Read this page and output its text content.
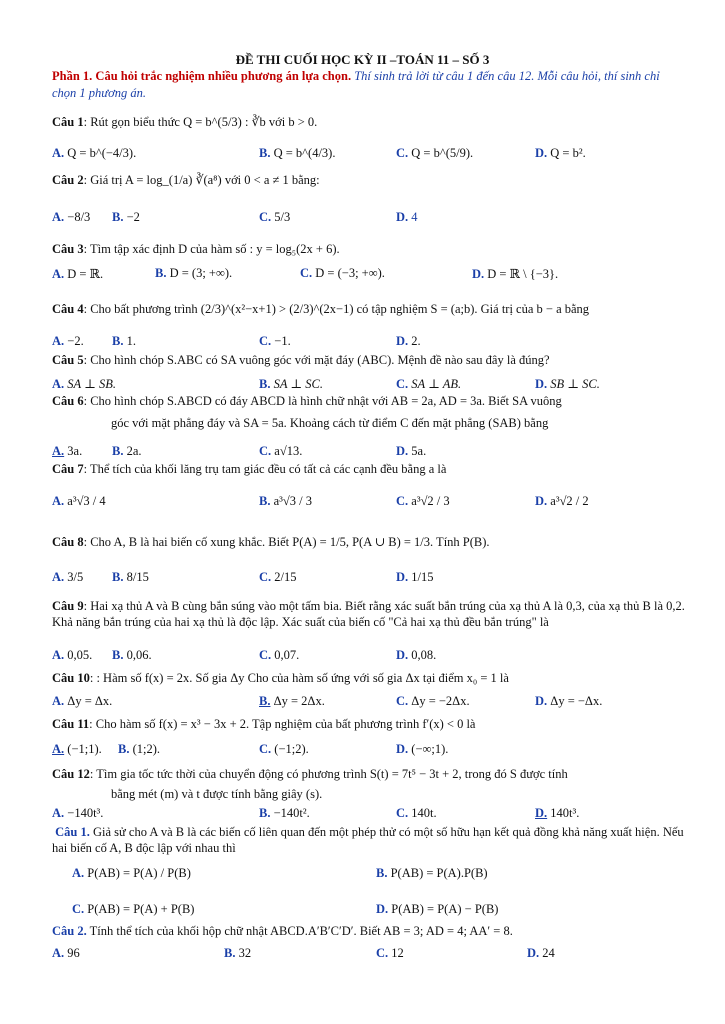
ĐỀ THI CUỐI HỌC KỲ II –TOÁN 11 – SỐ 3
Phần 1. Câu hỏi trắc nghiệm nhiều phương án lựa chọn. Thí sinh trả lời từ câu 1 đến câu 12. Mỗi câu hỏi, thí sinh chỉ chọn 1 phương án.
Câu 1: Rút gọn biểu thức Q = b^(5/3) : ∛b với b > 0.
A. Q = b^(−4/3).	B. Q = b^(4/3).	C. Q = b^(5/9).	D. Q = b².
Câu 2: Giá trị A = log_(1/a) ∛(a⁸) với 0 < a ≠ 1 bằng:
A. −8/3 B. −2	C. 5/3	D. 4
Câu 3: Tìm tập xác định D của hàm số : y = log₅(2x + 6).
A. D = ℝ.	B. D = (3; +∞).	C. D = (−3; +∞).	D. D = ℝ \ {−3}.
Câu 4: Cho bất phương trình (2/3)^(x²−x+1) > (2/3)^(2x−1) có tập nghiệm S = (a;b). Giá trị của b − a bằng
A. −2. B. 1.	C. −1.	D. 2.
Câu 5: Cho hình chóp S.ABC có SA vuông góc với mặt đáy (ABC). Mệnh đề nào sau đây là đúng?
A. SA ⊥ SB.	B. SA ⊥ SC.	C. SA ⊥ AB.	D. SB ⊥ SC.
Câu 6: Cho hình chóp S.ABCD có đáy ABCD là hình chữ nhật với AB = 2a, AD = 3a. Biết SA vuông
góc với mặt phẳng đáy và SA = 5a. Khoảng cách từ điểm C đến mặt phẳng (SAB) bằng
A. 3a. B. 2a.	C. a√13.	D. 5a.
Câu 7: Thể tích của khối lăng trụ tam giác đều có tất cả các cạnh đều bằng a là
A. a³√3 / 4	B. a³√3 / 3	C. a³√2 / 3	D. a³√2 / 2
Câu 8: Cho A, B là hai biến cố xung khắc. Biết P(A) = 1/5, P(A ∪ B) = 1/3. Tính P(B).
A. 3/5 B. 8/15	C. 2/15	D. 1/15
Câu 9: Hai xạ thủ A và B cùng bắn súng vào một tấm bia. Biết rằng xác suất bắn trúng của xạ thủ A là 0,3, của xạ thủ B là 0,2. Khả năng bắn trúng của hai xạ thủ là độc lập. Xác suất của biến cố "Cả hai xạ thủ đều bắn trúng" là
A. 0,05. B. 0,06.	C. 0,07.	D. 0,08.
Câu 10: : Hàm số f(x) = 2x. Số gia Δy Cho của hàm số ứng với số gia Δx tại điểm x₀ = 1 là
A. Δy = Δx.	B. Δy = 2Δx.	C. Δy = −2Δx.	D. Δy = −Δx.
Câu 11: Cho hàm số f(x) = x³ − 3x + 2. Tập nghiệm của bất phương trình f′(x) < 0 là
A. (−1;1). B. (1;2).	C. (−1;2).	D. (−∞;1).
Câu 12: Tìm gia tốc tức thời của chuyển động có phương trình S(t) = 7t⁵ − 3t + 2, trong đó S được tính
bằng mét (m) và t được tính bằng giây (s).
A. −140t³.	B. −140t².	C. 140t.	D. 140t³.
Câu 1. Giả sử cho A và B là các biến cố liên quan đến một phép thử có một số hữu hạn kết quả đồng khả năng xuất hiện. Nếu hai biến cố A, B độc lập với nhau thì
A. P(AB) = P(A) / P(B)	B. P(AB) = P(A).P(B)
C. P(AB) = P(A) + P(B)	D. P(AB) = P(A) − P(B)
Câu 2. Tính thể tích của khối hộp chữ nhật ABCD.A′B′C′D′. Biết AB = 3; AD = 4; AA′ = 8.
A. 96	B. 32	C. 12	D. 24
